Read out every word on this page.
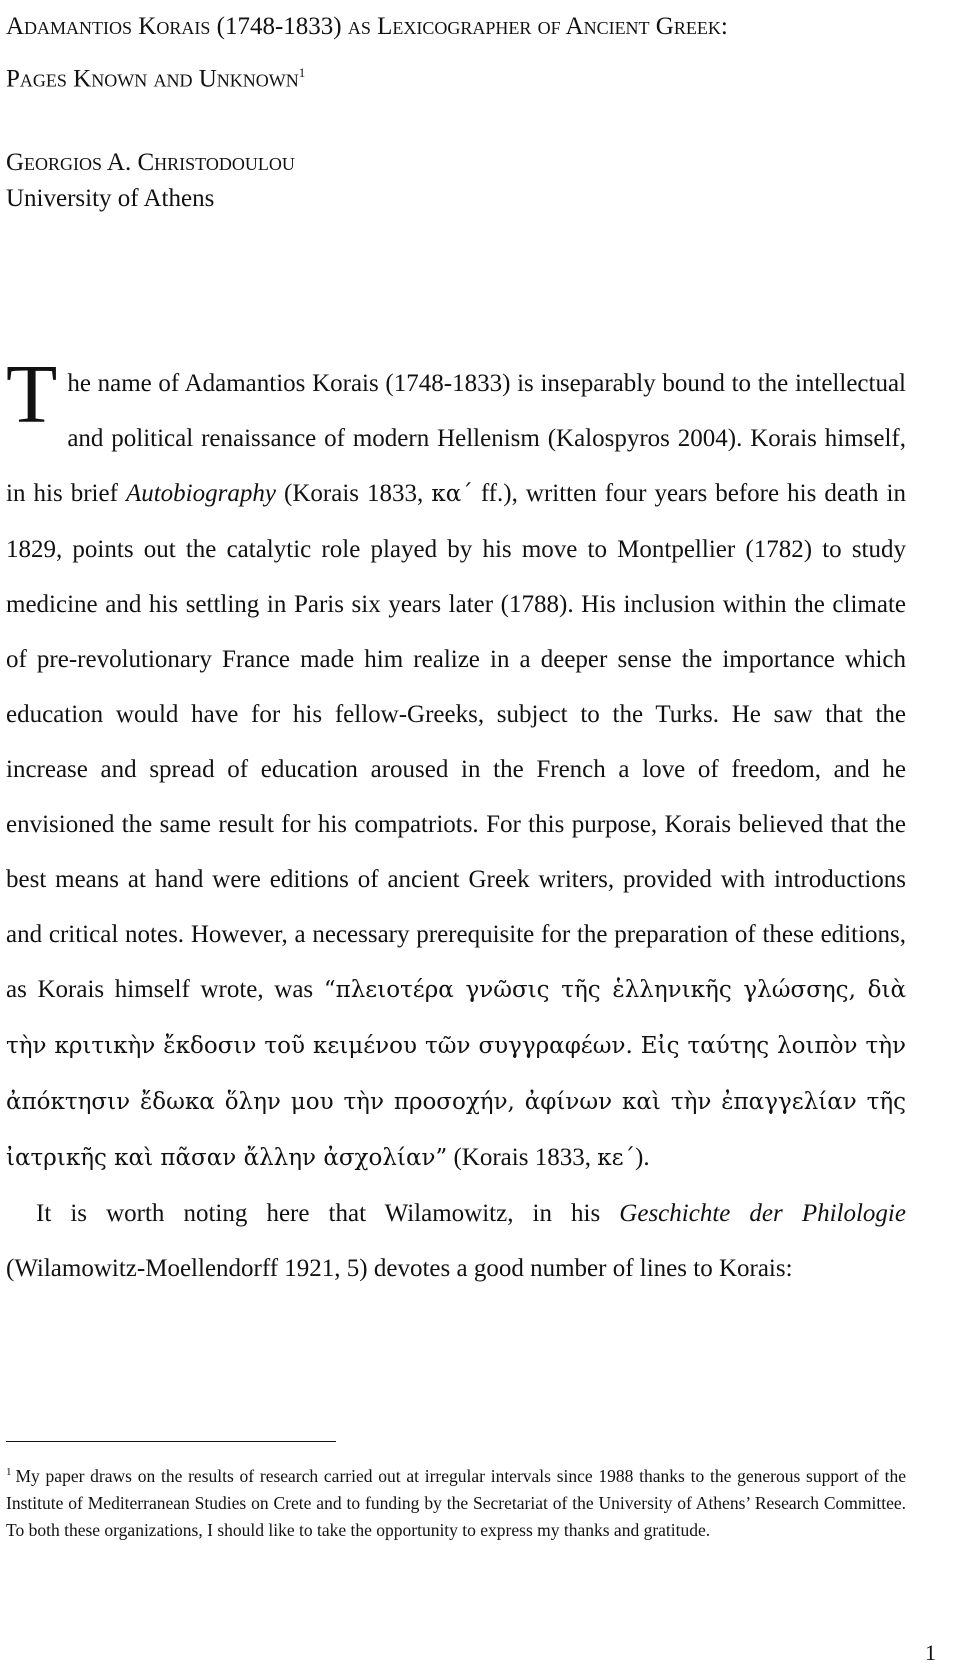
Adamantios Korais (1748-1833) as Lexicographer of Ancient Greek:
Pages Known and Unknown$^1$
Georgios A. Christodoulou
University of Athens

The name of Adamantios Korais (1748-1833) is inseparably bound to the intellectual and political renaissance of modern Hellenism (Kalospyros 2004). Korais himself, in his brief Autobiography (Korais 1833, κα΄ ff.), written four years before his death in 1829, points out the catalytic role played by his move to Montpellier (1782) to study medicine and his settling in Paris six years later (1788). His inclusion within the climate of pre-revolutionary France made him realize in a deeper sense the importance which education would have for his fellow-Greeks, subject to the Turks. He saw that the increase and spread of education aroused in the French a love of freedom, and he envisioned the same result for his compatriots. For this purpose, Korais believed that the best means at hand were editions of ancient Greek writers, provided with introductions and critical notes. However, a necessary prerequisite for the preparation of these editions, as Korais himself wrote, was “πλειοτέρα γνῶσις τῆς ἑλληνικῆς γλώσσης, διὰ τὴν κριτικὴν ἔκδοσιν τοῦ κειμένου τῶν συγγραφέων. Εἰς ταύτης λοιπὸν τὴν ἀπόκτησιν ἔδωκα ὅλην μου τὴν προσοχήν, ἀφίνων καὶ τὴν ἐπαγγελίαν τῆς ἰατρικῆς καὶ πᾶσαν ἄλλην ἀσχολίαν” (Korais 1833, κε΄).

It is worth noting here that Wilamowitz, in his Geschichte der Philologie (Wilamowitz-Moellendorff 1921, 5) devotes a good number of lines to Korais:

$^1$ My paper draws on the results of research carried out at irregular intervals since 1988 thanks to the generous support of the Institute of Mediterranean Studies on Crete and to funding by the Secretariat of the University of Athens’ Research Committee. To both these organizations, I should like to take the opportunity to express my thanks and gratitude.
1
